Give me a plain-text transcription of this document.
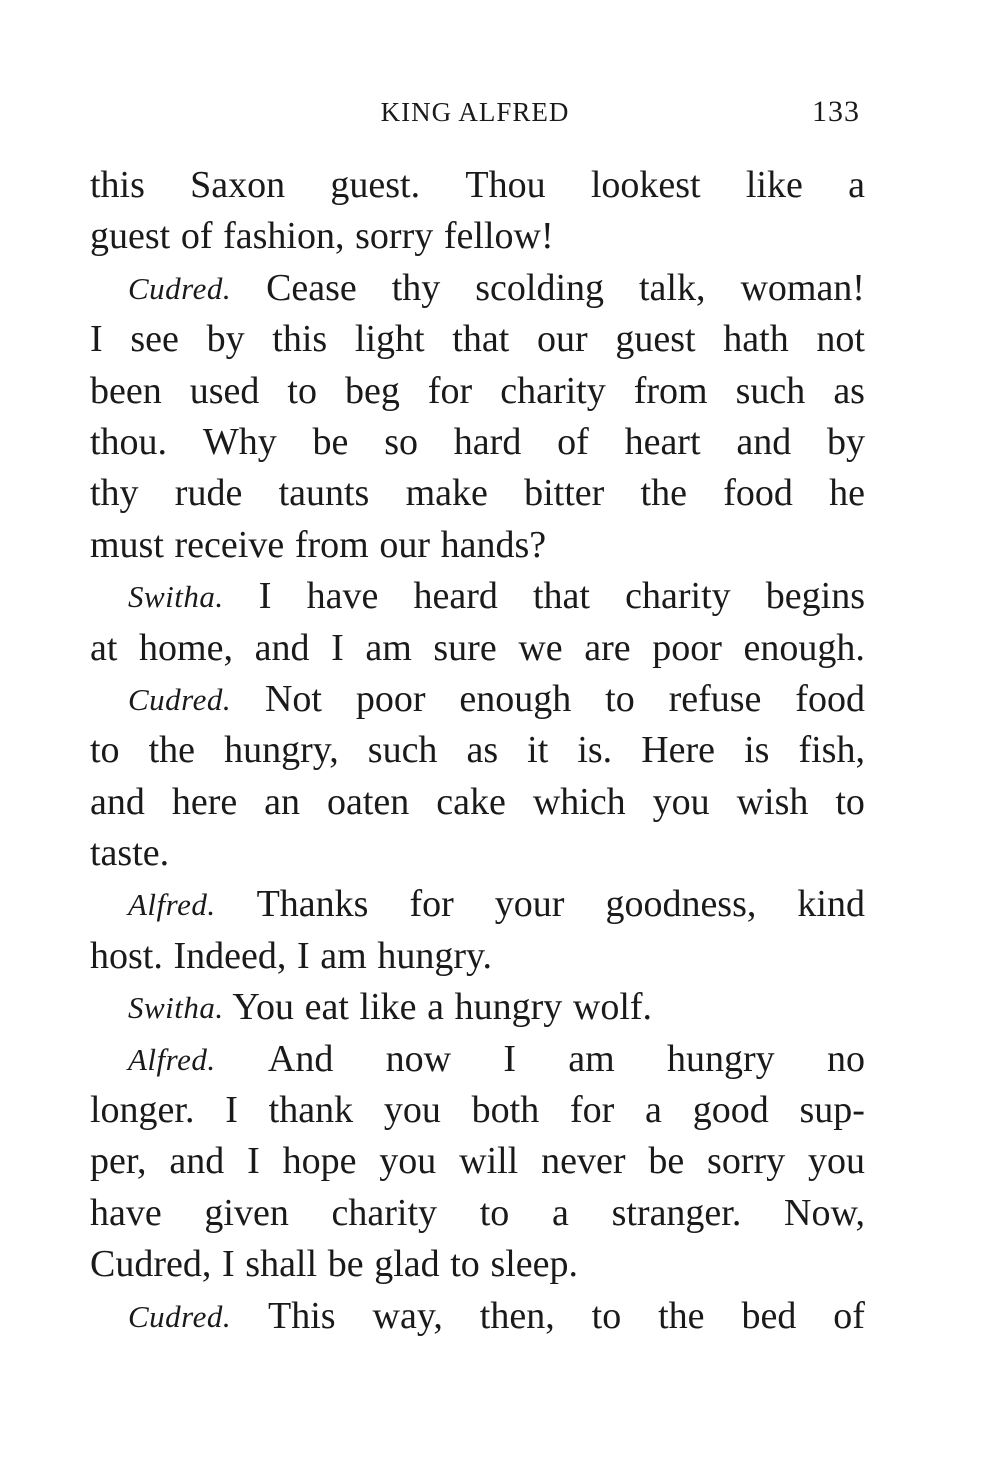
KING ALFRED	133
this Saxon guest. Thou lookest like a
guest of fashion, sorry fellow!
Cudred. Cease thy scolding talk, woman!
I see by this light that our guest hath not
been used to beg for charity from such as
thou. Why be so hard of heart and by
thy rude taunts make bitter the food he
must receive from our hands?
Switha. I have heard that charity begins
at home, and I am sure we are poor enough.
Cudred. Not poor enough to refuse food
to the hungry, such as it is. Here is fish,
and here an oaten cake which you wish to
taste.
Alfred. Thanks for your goodness, kind
host. Indeed, I am hungry.
Switha. You eat like a hungry wolf.
Alfred. And now I am hungry no
longer. I thank you both for a good sup-
per, and I hope you will never be sorry you
have given charity to a stranger. Now,
Cudred, I shall be glad to sleep.
Cudred. This way, then, to the bed of
